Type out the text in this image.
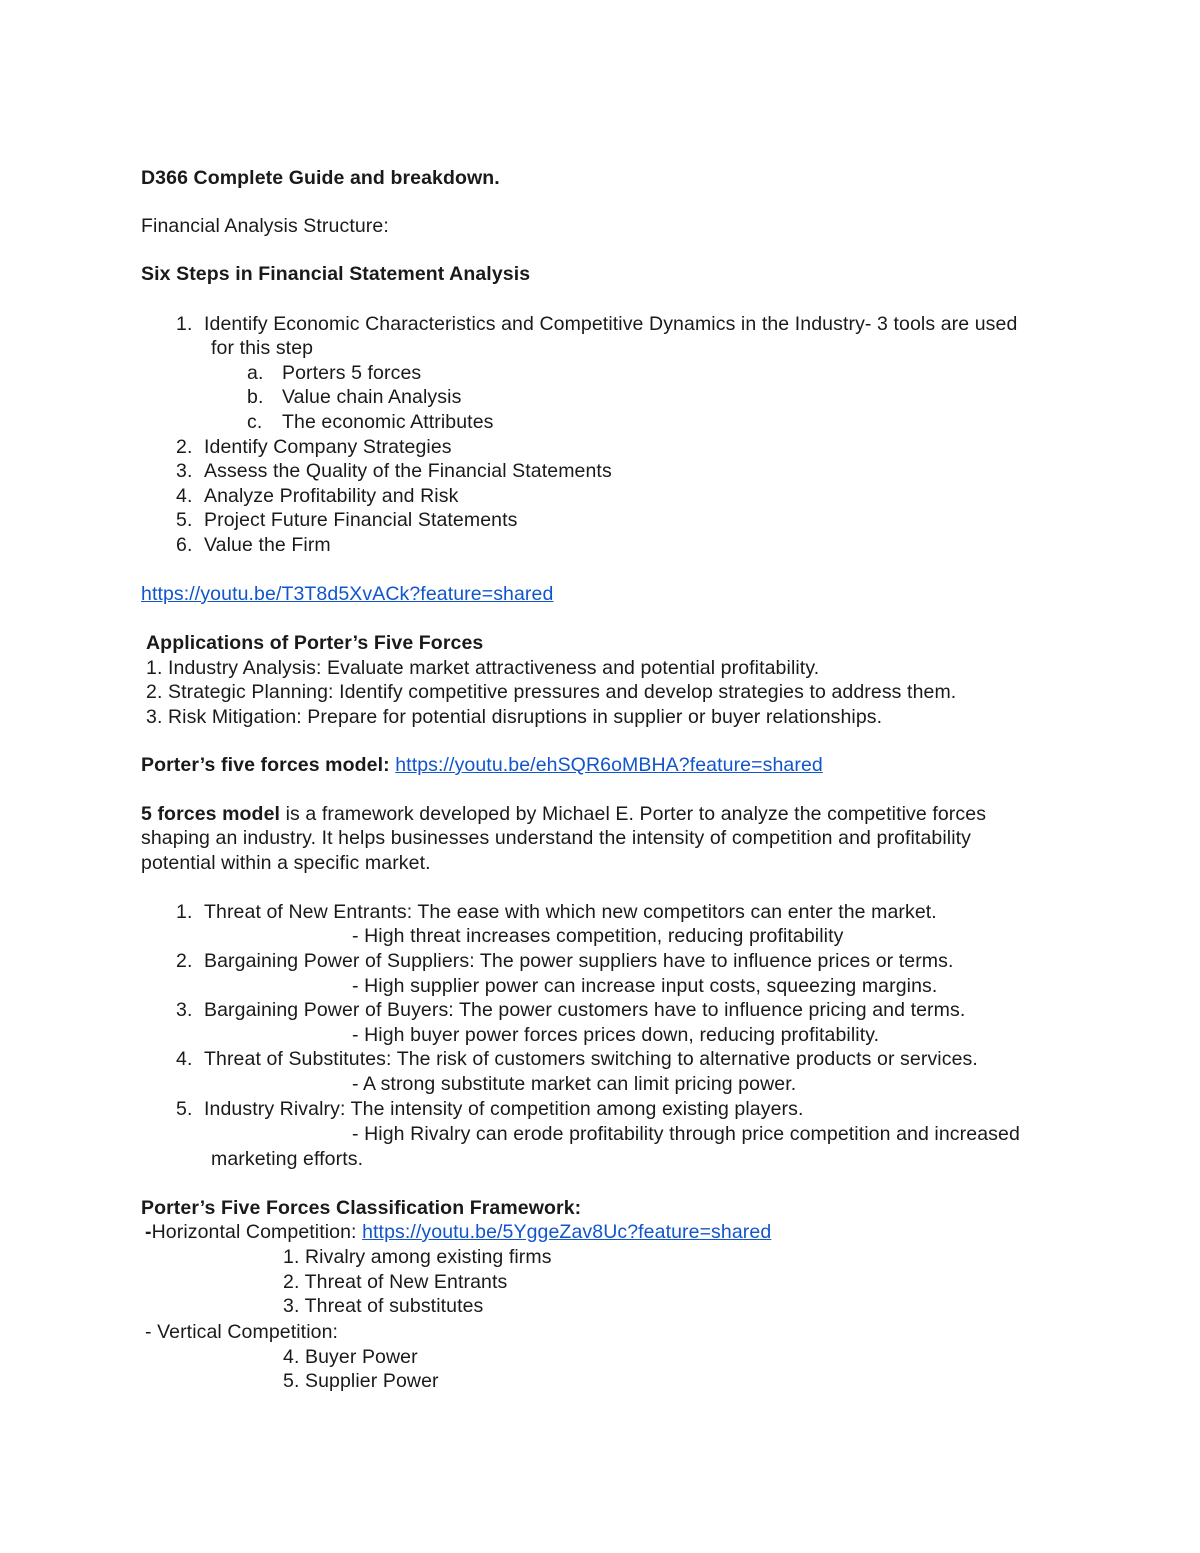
D366 Complete Guide and breakdown.
Financial Analysis Structure:
Six Steps in Financial Statement Analysis
1. Identify Economic Characteristics and Competitive Dynamics in the Industry- 3 tools are used
for this step
a. Porters 5 forces
b. Value chain Analysis
c. The economic Attributes
2. Identify Company Strategies
3. Assess the Quality of the Financial Statements
4. Analyze Profitability and Risk
5. Project Future Financial Statements
6. Value the Firm
https://youtu.be/T3T8d5XvACk?feature=shared
Applications of Porter’s Five Forces
1. Industry Analysis: Evaluate market attractiveness and potential profitability.
2. Strategic Planning: Identify competitive pressures and develop strategies to address them.
3. Risk Mitigation: Prepare for potential disruptions in supplier or buyer relationships.
Porter’s five forces model: https://youtu.be/ehSQR6oMBHA?feature=shared
5 forces model is a framework developed by Michael E. Porter to analyze the competitive forces
shaping an industry. It helps businesses understand the intensity of competition and profitability
potential within a specific market.
1. Threat of New Entrants: The ease with which new competitors can enter the market.
- High threat increases competition, reducing profitability
2. Bargaining Power of Suppliers: The power suppliers have to influence prices or terms.
- High supplier power can increase input costs, squeezing margins.
3. Bargaining Power of Buyers: The power customers have to influence pricing and terms.
- High buyer power forces prices down, reducing profitability.
4. Threat of Substitutes: The risk of customers switching to alternative products or services.
- A strong substitute market can limit pricing power.
5. Industry Rivalry: The intensity of competition among existing players.
- High Rivalry can erode profitability through price competition and increased
marketing efforts.
Porter’s Five Forces Classification Framework:
-Horizontal Competition: https://youtu.be/5YggeZav8Uc?feature=shared
1. Rivalry among existing firms
2. Threat of New Entrants
3. Threat of substitutes
- Vertical Competition:
4. Buyer Power
5. Supplier Power
